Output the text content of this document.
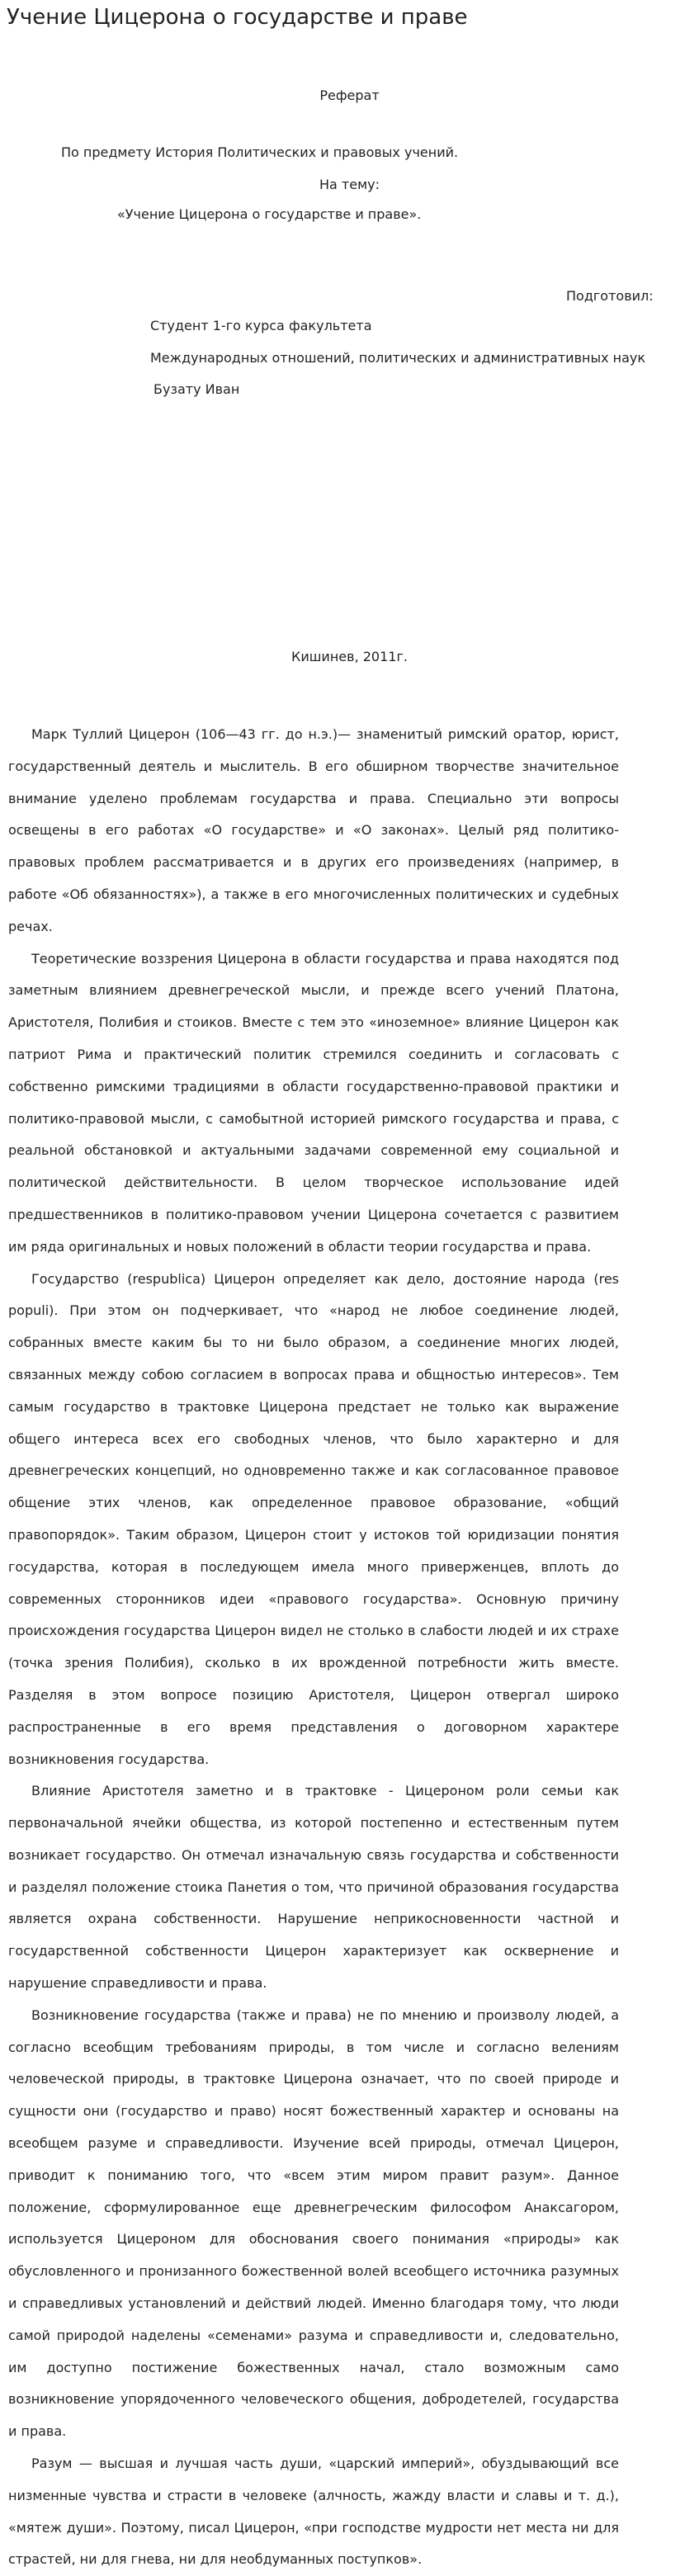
Учение Цицерона о государстве и праве
Реферат
По предмету История Политических и правовых учений.
На тему:
«Учение Цицерона о государстве и праве».
Подготовил:
Студент 1-го курса факультета
Международных отношений, политических и административных наук
Бузату Иван
Кишинев, 2011г.

Марк Туллий Цицерон (106—43 гг. до н.э.)— знаменитый римский оратор, юрист, государственный деятель и мыслитель. В его обширном творчестве значительное внимание уделено проблемам государства и права. Специально эти вопросы освещены в его работах «О государстве» и «О законах». Целый ряд политико-правовых проблем рассматривается и в других его произведениях (например, в работе «Об обязанностях»), а также в его многочисленных политических и судебных речах.

Теоретические воззрения Цицерона в области государства и права находятся под заметным влиянием древнегреческой мысли, и прежде всего учений Платона, Аристотеля, Полибия и стоиков. Вместе с тем это «иноземное» влияние Цицерон как патриот Рима и практический политик стремился соединить и согласовать с собственно римскими традициями в области государственно-правовой практики и политико-правовой мысли, с самобытной историей римского государства и права, с реальной обстановкой и актуальными задачами современной ему социальной и политической действительности. В целом творческое использование идей предшественников в политико-правовом учении Цицерона сочетается с развитием им ряда оригинальных и новых положений в области теории государства и права.

Государство (respublica) Цицерон определяет как дело, достояние народа (res populi). При этом он подчеркивает, что «народ не любое соединение людей, собранных вместе каким бы то ни было образом, а соединение многих людей, связанных между собою согласием в вопросах права и общностью интересов». Тем самым государство в трактовке Цицерона предстает не только как выражение общего интереса всех его свободных членов, что было характерно и для древнегреческих концепций, но одновременно также и как согласованное правовое общение этих членов, как определенное правовое образование, «общий правопорядок». Таким образом, Цицерон стоит у истоков той юридизации понятия государства, которая в последующем имела много приверженцев, вплоть до современных сторонников идеи «правового государства». Основную причину происхождения государства Цицерон видел не столько в слабости людей и их страхе (точка зрения Полибия), сколько в их врожденной потребности жить вместе. Разделяя в этом вопросе позицию Аристотеля, Цицерон отвергал широко распространенные в его время представления о договорном характере возникновения государства.

Влияние Аристотеля заметно и в трактовке - Цицероном роли семьи как первоначальной ячейки общества, из которой постепенно и естественным путем возникает государство. Он отмечал изначальную связь государства и собственности и разделял положение стоика Панетия о том, что причиной образования государства является охрана собственности. Нарушение неприкосновенности частной и государственной собственности Цицерон характеризует как осквернение и нарушение справедливости и права.

Возникновение государства (также и права) не по мнению и произволу людей, а согласно всеобщим требованиям природы, в том числе и согласно велениям человеческой природы, в трактовке Цицерона означает, что по своей природе и сущности они (государство и право) носят божественный характер и основаны на всеобщем разуме и справедливости. Изучение всей природы, отмечал Цицерон, приводит к пониманию того, что «всем этим миром правит разум». Данное положение, сформулированное еще древнегреческим философом Анаксагором, используется Цицероном для обоснования своего понимания «природы» как обусловленного и пронизанного божественной волей всеобщего источника разумных и справедливых установлений и действий людей. Именно благодаря тому, что люди самой природой наделены «семенами» разума и справедливости и, следовательно, им доступно постижение божественных начал, стало возможным само возникновение упорядоченного человеческого общения, добродетелей, государства и права.

Разум — высшая и лучшая часть души, «царский империй», обуздывающий все низменные чувства и страсти в человеке (алчность, жажду власти и славы и т. д.), «мятеж души». Поэтому, писал Цицерон, «при господстве мудрости нет места ни для страстей, ни для гнева, ни для необдуманных поступков».
